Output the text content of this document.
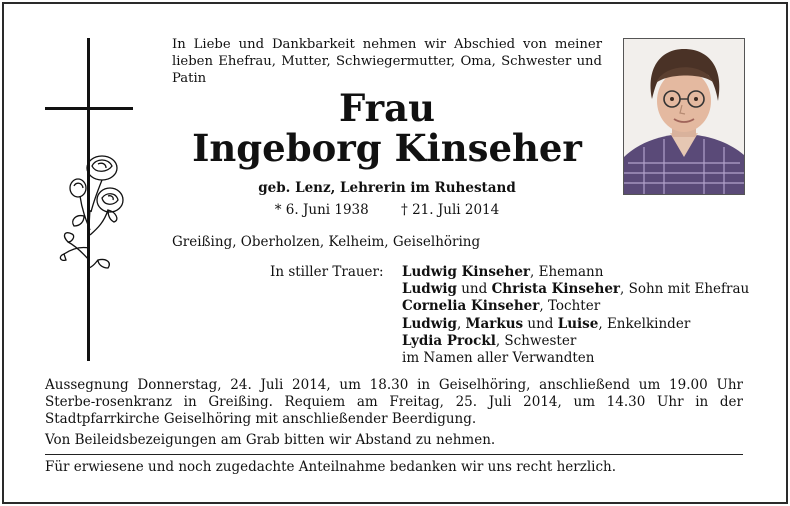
In Liebe und Dankbarkeit nehmen wir Abschied von meiner lieben Ehefrau, Mutter, Schwiegermutter, Oma, Schwester und Patin

Frau

Ingeborg Kinseher

geb. Lenz, Lehrerin im Ruhestand

* 6. Juni 1938 † 21. Juli 2014

Greißing, Oberholzen, Kelheim, Geiselhöring

In stiller Trauer: Ludwig Kinseher, Ehemann
Ludwig und Christa Kinseher, Sohn mit Ehefrau
Cornelia Kinseher, Tochter
Ludwig, Markus und Luise, Enkelkinder
Lydia Prockl, Schwester
im Namen aller Verwandten

Aussegnung Donnerstag, 24. Juli 2014, um 18.30 in Geiselhöring, anschließend um 19.00 Uhr Sterbe-rosenkranz in Greißing. Requiem am Freitag, 25. Juli 2014, um 14.30 Uhr in der Stadtpfarrkirche Geiselhöring mit anschließender Beerdigung.

Von Beileidsbezeigungen am Grab bitten wir Abstand zu nehmen.

Für erwiesene und noch zugedachte Anteilnahme bedanken wir uns recht herzlich.
